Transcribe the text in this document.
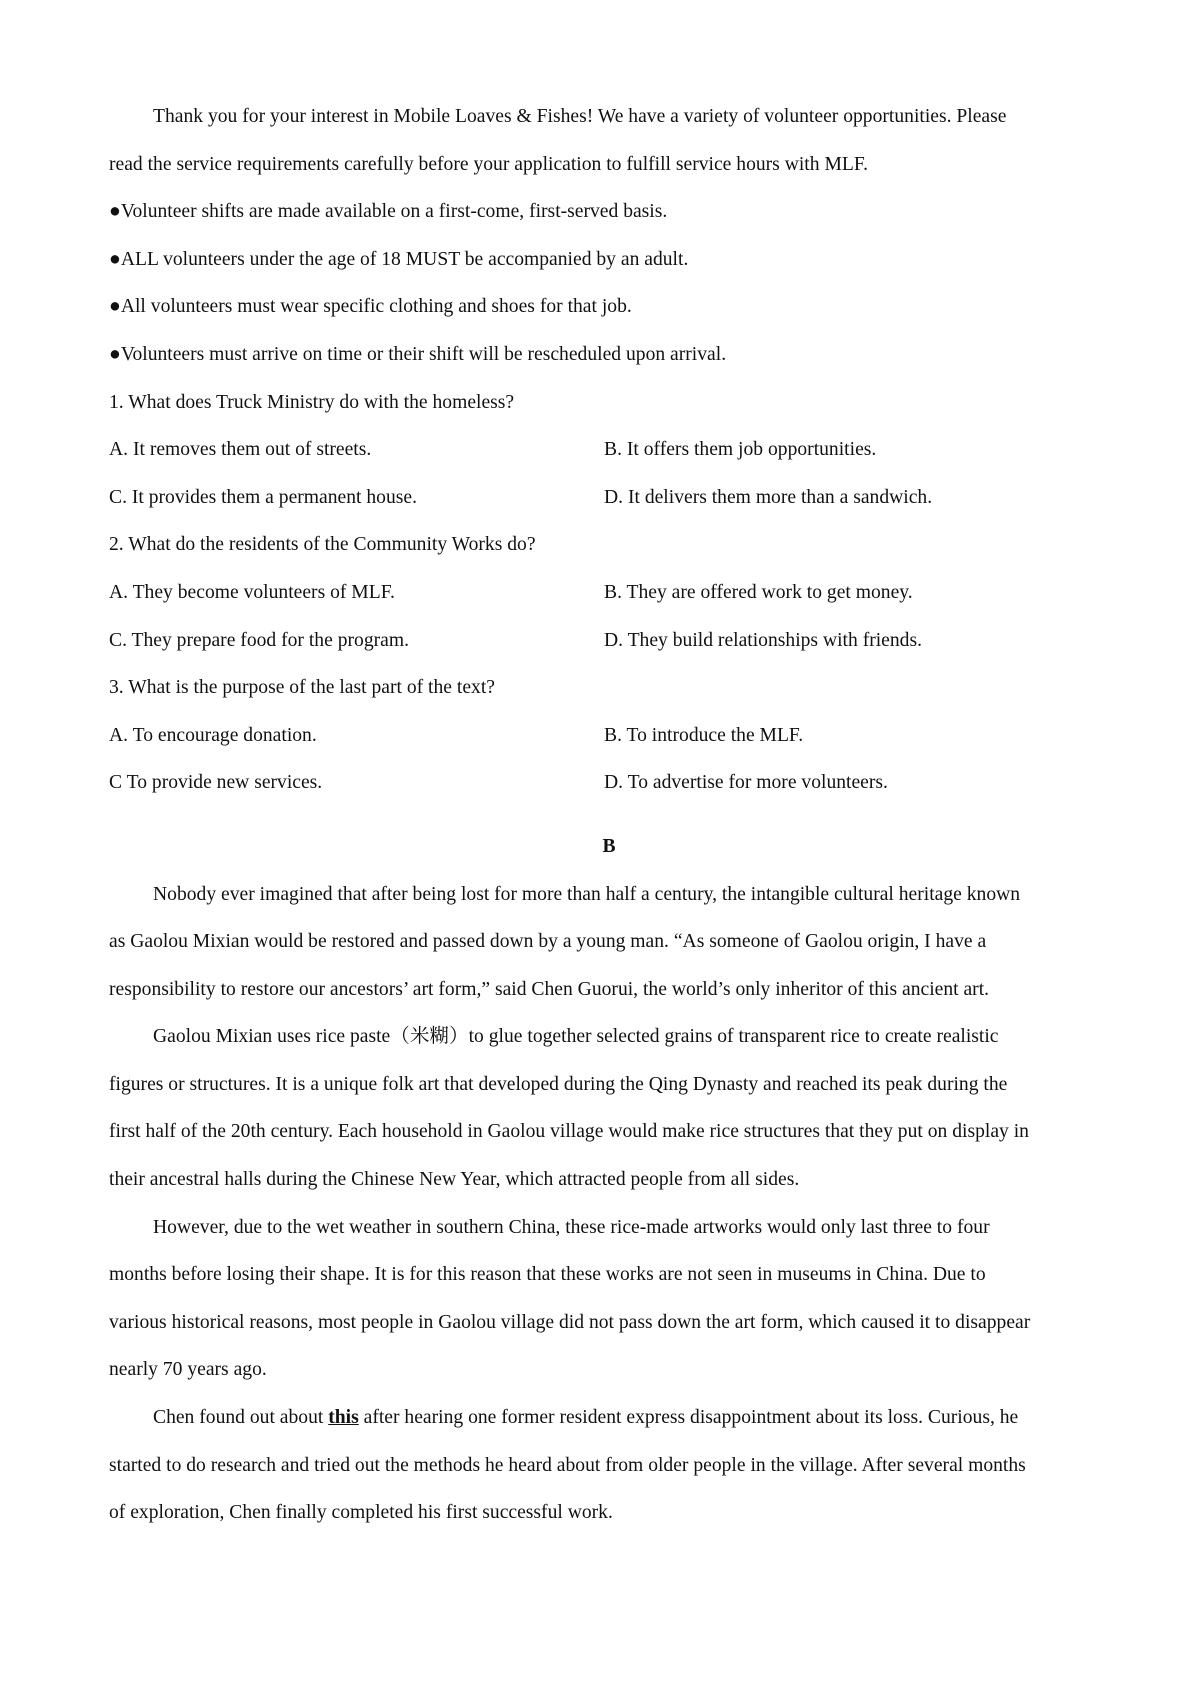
Thank you for your interest in Mobile Loaves & Fishes! We have a variety of volunteer opportunities. Please
read the service requirements carefully before your application to fulfill service hours with MLF.
●Volunteer shifts are made available on a first-come, first-served basis.
●ALL volunteers under the age of 18 MUST be accompanied by an adult.
●All volunteers must wear specific clothing and shoes for that job.
●Volunteers must arrive on time or their shift will be rescheduled upon arrival.
1. What does Truck Ministry do with the homeless?
A. It removes them out of streets.	B. It offers them job opportunities.
C. It provides them a permanent house.	D. It delivers them more than a sandwich.
2. What do the residents of the Community Works do?
A. They become volunteers of MLF.	B. They are offered work to get money.
C. They prepare food for the program.	D. They build relationships with friends.
3. What is the purpose of the last part of the text?
A. To encourage donation.	B. To introduce the MLF.
C To provide new services.	D. To advertise for more volunteers.
B
Nobody ever imagined that after being lost for more than half a century, the intangible cultural heritage known
as Gaolou Mixian would be restored and passed down by a young man. “As someone of Gaolou origin, I have a
responsibility to restore our ancestors’ art form,” said Chen Guorui, the world’s only inheritor of this ancient art.
Gaolou Mixian uses rice paste（米糊）to glue together selected grains of transparent rice to create realistic
figures or structures. It is a unique folk art that developed during the Qing Dynasty and reached its peak during the
first half of the 20th century. Each household in Gaolou village would make rice structures that they put on display in
their ancestral halls during the Chinese New Year, which attracted people from all sides.
However, due to the wet weather in southern China, these rice-made artworks would only last three to four
months before losing their shape. It is for this reason that these works are not seen in museums in China. Due to
various historical reasons, most people in Gaolou village did not pass down the art form, which caused it to disappear
nearly 70 years ago.
Chen found out about this after hearing one former resident express disappointment about its loss. Curious, he
started to do research and tried out the methods he heard about from older people in the village. After several months
of exploration, Chen finally completed his first successful work.
